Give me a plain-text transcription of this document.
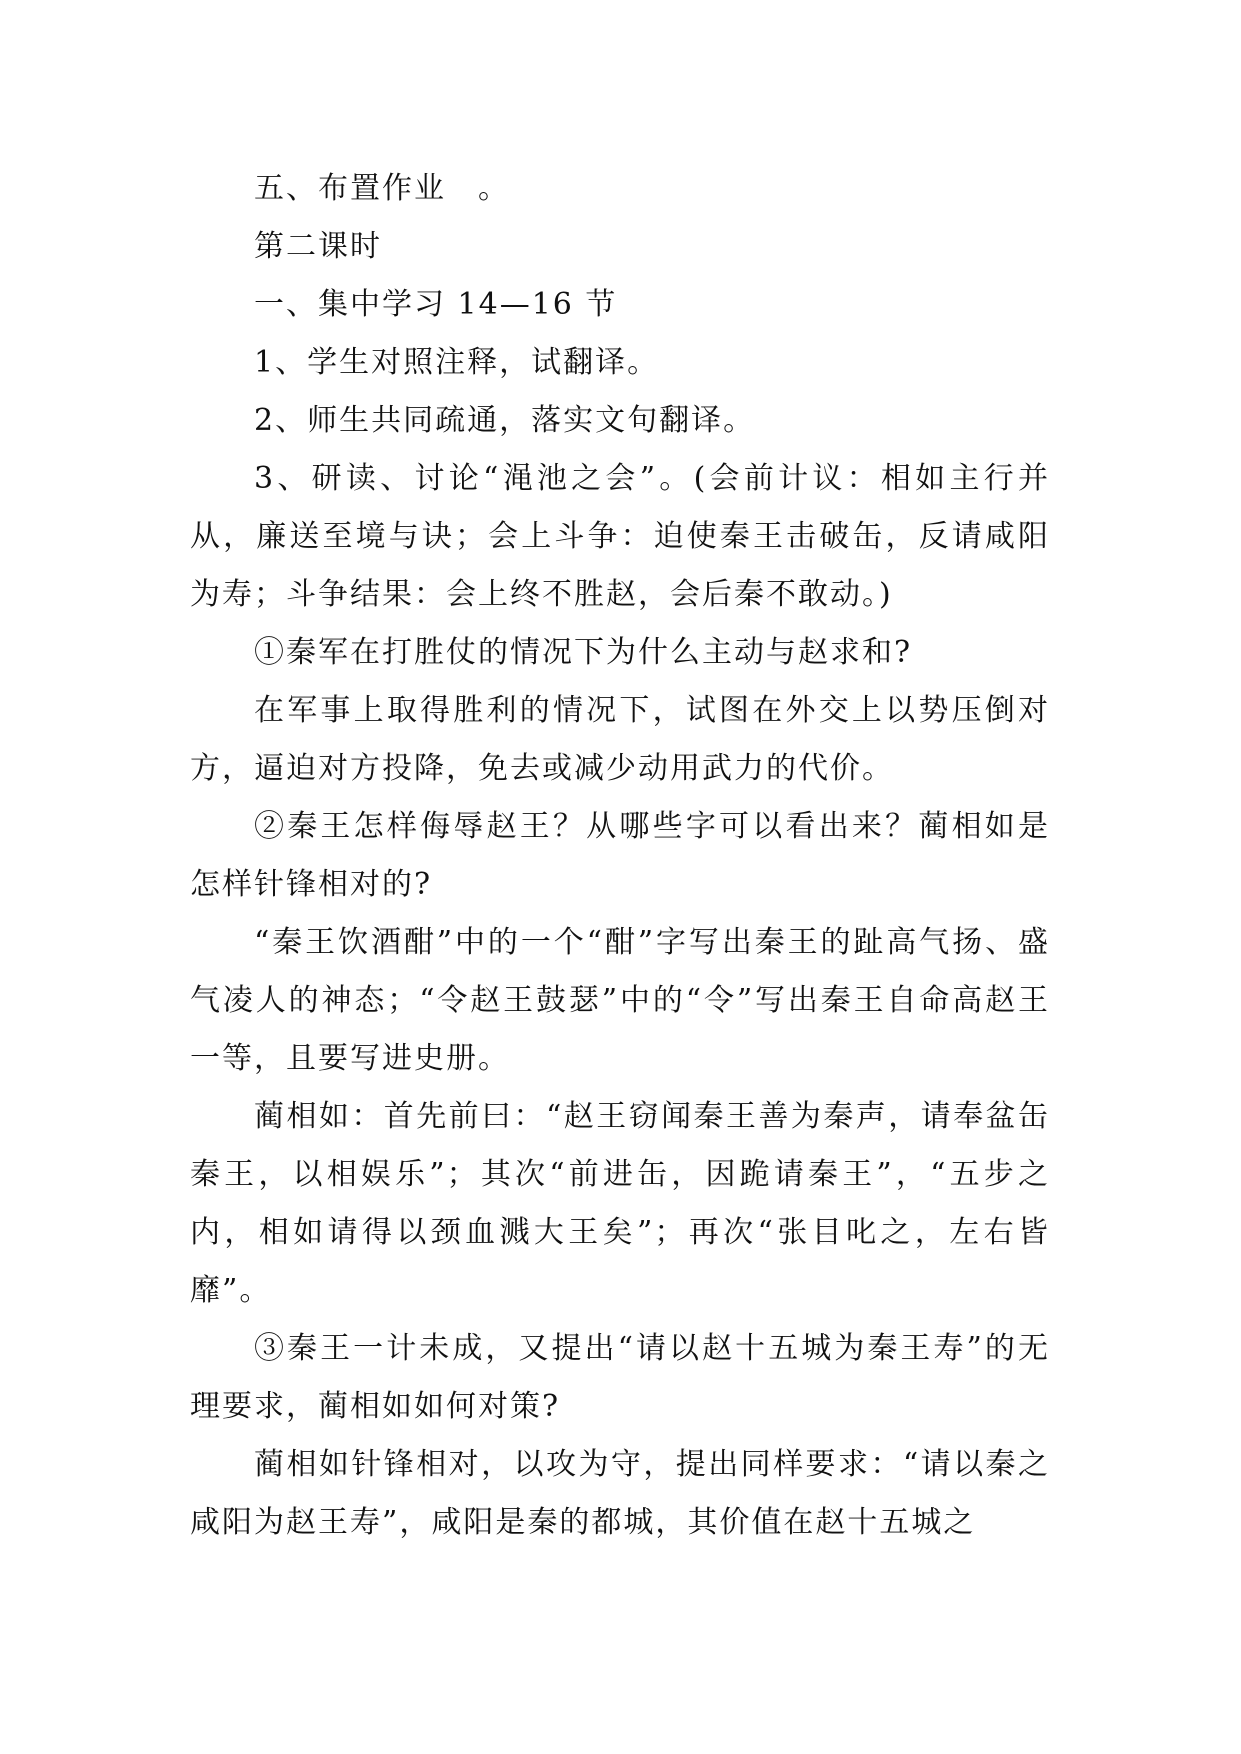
五、布置作业　。

第二课时

一、集中学习 14—16 节

1、学生对照注释，试翻译。

2、师生共同疏通，落实文句翻译。

3、研读、讨论“渑池之会”。(会前计议：相如主行并从，廉送至境与诀；会上斗争：迫使秦王击破缶，反请咸阳为寿；斗争结果：会上终不胜赵，会后秦不敢动。)

①秦军在打胜仗的情况下为什么主动与赵求和?

在军事上取得胜利的情况下，试图在外交上以势压倒对方，逼迫对方投降，免去或减少动用武力的代价。

②秦王怎样侮辱赵王？从哪些字可以看出来？蔺相如是怎样针锋相对的?

“秦王饮酒酣”中的一个“酣”字写出秦王的趾高气扬、盛气凌人的神态；“令赵王鼓瑟”中的“令”写出秦王自命高赵王一等，且要写进史册。

蔺相如：首先前曰：“赵王窃闻秦王善为秦声，请奉盆缶秦王，以相娱乐”；其次“前进缶，因跪请秦王”，“五步之内，相如请得以颈血溅大王矣”；再次“张目叱之，左右皆靡”。

③秦王一计未成，又提出“请以赵十五城为秦王寿”的无理要求，蔺相如如何对策?

蔺相如针锋相对，以攻为守，提出同样要求：“请以秦之咸阳为赵王寿”，咸阳是秦的都城，其价值在赵十五城之
